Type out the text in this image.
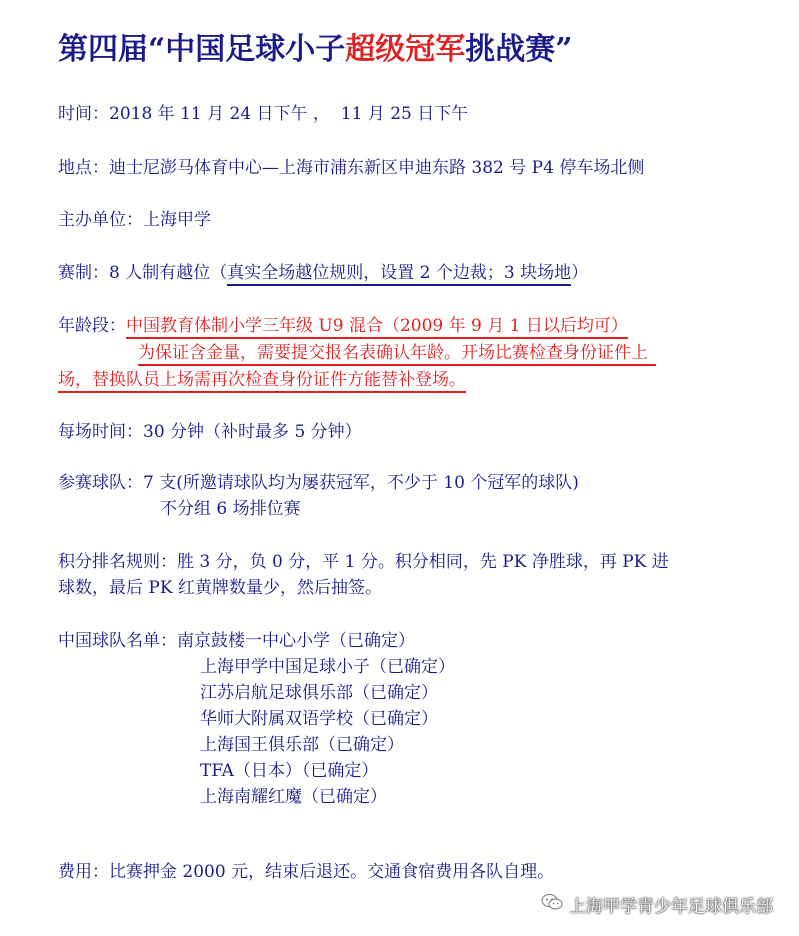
第四届“中国足球小子超级冠军挑战赛”
时间：2018 年 11 月 24 日下午 ，  11 月 25 日下午
地点：迪士尼澎马体育中心—上海市浦东新区申迪东路 382 号 P4 停车场北侧
主办单位：上海甲学
赛制：8 人制有越位（真实全场越位规则，设置 2 个边裁；3 块场地）
年龄段：中国教育体制小学三年级 U9 混合（2009 年 9 月 1 日以后均可）
为保证含金量，需要提交报名表确认年龄。开场比赛检查身份证件上
场，替换队员上场需再次检查身份证件方能替补登场。
每场时间：30 分钟（补时最多 5 分钟）
参赛球队：7 支(所邀请球队均为屡获冠军，不少于 10 个冠军的球队)
不分组 6 场排位赛
积分排名规则：胜 3 分，负 0 分，平 1 分。积分相同，先 PK 净胜球，再 PK 进
球数，最后 PK 红黄牌数量少，然后抽签。
中国球队名单：南京鼓楼一中心小学（已确定）
上海甲学中国足球小子（已确定）
江苏启航足球俱乐部（已确定）
华师大附属双语学校（已确定）
上海国王俱乐部（已确定）
TFA（日本）（已确定）
上海南耀红魔（已确定）
费用：比赛押金 2000 元，结束后退还。交通食宿费用各队自理。
上海甲学青少年足球俱乐部
